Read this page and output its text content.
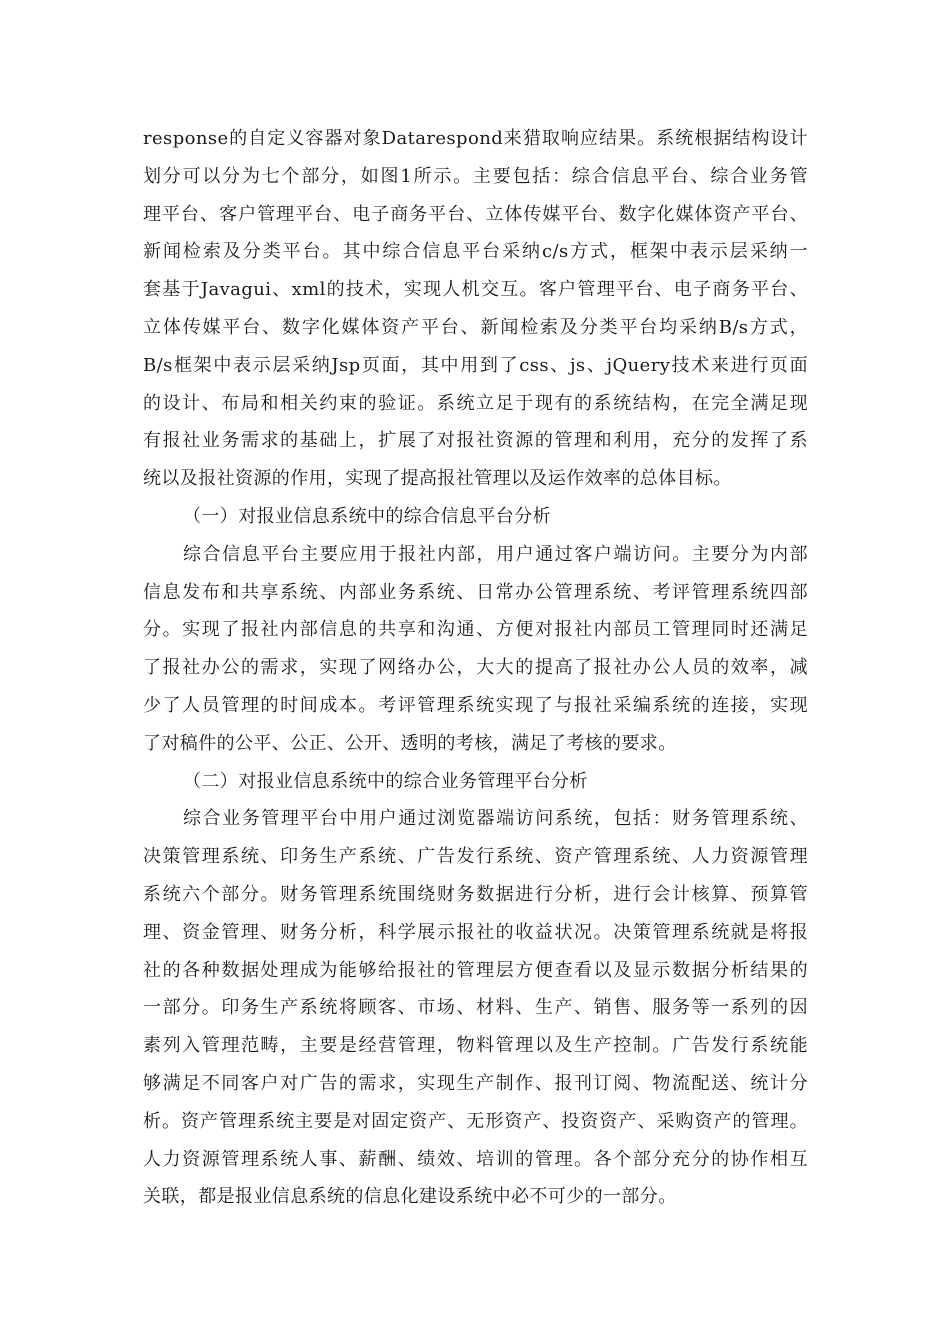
response的自定义容器对象Datarespond来猎取响应结果。系统根据结构设计
划分可以分为七个部分，如图1所示。主要包括：综合信息平台、综合业务管
理平台、客户管理平台、电子商务平台、立体传媒平台、数字化媒体资产平台、
新闻检索及分类平台。其中综合信息平台采纳c/s方式，框架中表示层采纳一
套基于Javagui、xml的技术，实现人机交互。客户管理平台、电子商务平台、
立体传媒平台、数字化媒体资产平台、新闻检索及分类平台均采纳B/s方式，
B/s框架中表示层采纳Jsp页面，其中用到了css、js、jQuery技术来进行页面
的设计、布局和相关约束的验证。系统立足于现有的系统结构，在完全满足现
有报社业务需求的基础上，扩展了对报社资源的管理和利用，充分的发挥了系
统以及报社资源的作用，实现了提高报社管理以及运作效率的总体目标。
（一）对报业信息系统中的综合信息平台分析
综合信息平台主要应用于报社内部，用户通过客户端访问。主要分为内部
信息发布和共享系统、内部业务系统、日常办公管理系统、考评管理系统四部
分。实现了报社内部信息的共享和沟通、方便对报社内部员工管理同时还满足
了报社办公的需求，实现了网络办公，大大的提高了报社办公人员的效率，减
少了人员管理的时间成本。考评管理系统实现了与报社采编系统的连接，实现
了对稿件的公平、公正、公开、透明的考核，满足了考核的要求。
（二）对报业信息系统中的综合业务管理平台分析
综合业务管理平台中用户通过浏览器端访问系统，包括：财务管理系统、
决策管理系统、印务生产系统、广告发行系统、资产管理系统、人力资源管理
系统六个部分。财务管理系统围绕财务数据进行分析，进行会计核算、预算管
理、资金管理、财务分析，科学展示报社的收益状况。决策管理系统就是将报
社的各种数据处理成为能够给报社的管理层方便查看以及显示数据分析结果的
一部分。印务生产系统将顾客、市场、材料、生产、销售、服务等一系列的因
素列入管理范畴，主要是经营管理，物料管理以及生产控制。广告发行系统能
够满足不同客户对广告的需求，实现生产制作、报刊订阅、物流配送、统计分
析。资产管理系统主要是对固定资产、无形资产、投资资产、采购资产的管理。
人力资源管理系统人事、薪酬、绩效、培训的管理。各个部分充分的协作相互
关联，都是报业信息系统的信息化建设系统中必不可少的一部分。
